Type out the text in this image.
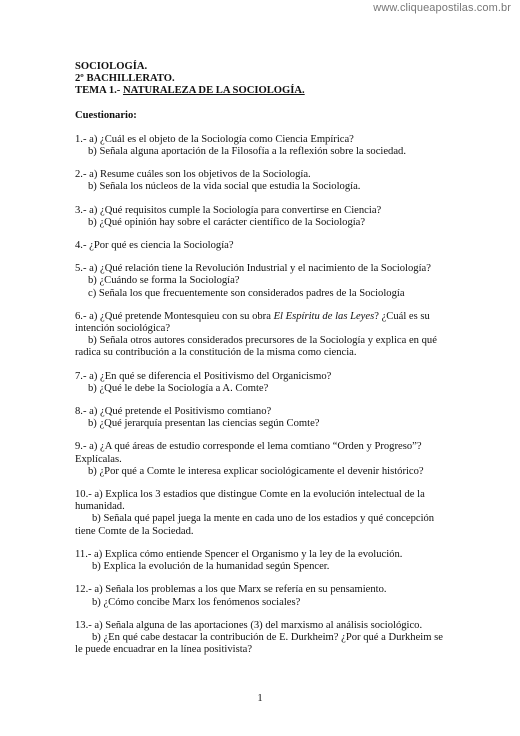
www.cliqueapostilas.com.br

SOCIOLOGÍA.

2º BACHILLERATO.

TEMA 1.- NATURALEZA DE LA SOCIOLOGÍA.

Cuestionario:

1.- a) ¿Cuál es el objeto de la Sociología como Ciencia Empírica?

b) Señala alguna aportación de la Filosofía a la reflexión sobre la sociedad.

2.- a) Resume cuáles son los objetivos de la Sociología.

b) Señala los núcleos de la vida social que estudia la Sociología.

3.- a) ¿Qué requisitos cumple la Sociología para convertirse en Ciencia?

b) ¿Qué opinión hay sobre el carácter científico de la Sociología?

4.- ¿Por qué es ciencia la Sociología?

5.- a) ¿Qué relación tiene la Revolución Industrial y el nacimiento de la Sociología?

b) ¿Cuándo se forma la Sociología?

c) Señala los que frecuentemente son considerados padres de la Sociología

6.- a) ¿Qué pretende Montesquieu con su obra El Espíritu de las Leyes? ¿Cuál es su

intención sociológica?

b) Señala otros autores considerados precursores de la Sociología y explica en qué

radica su contribución a la constitución de la misma como ciencia.

7.- a) ¿En qué se diferencia el Positivismo del Organicismo?

b) ¿Qué le debe la Sociología a A. Comte?

8.- a) ¿Qué pretende el Positivismo comtiano?

b) ¿Qué jerarquía presentan las ciencias según Comte?

9.- a) ¿A qué áreas de estudio corresponde el lema comtiano “Orden y Progreso”?

Explícalas.

b) ¿Por qué a Comte le interesa explicar sociológicamente el devenir histórico?

10.- a) Explica los 3 estadios que distingue Comte en la evolución intelectual de la

humanidad.

b) Señala qué papel juega la mente en cada uno de los estadios y qué concepción

tiene Comte de la Sociedad.

11.- a) Explica cómo entiende Spencer el Organismo y la ley de la evolución.

b) Explica la evolución de la humanidad según Spencer.

12.- a) Señala los problemas a los que Marx se refería en su pensamiento.

b) ¿Cómo concibe Marx los fenómenos sociales?

13.- a) Señala alguna de las aportaciones (3) del marxismo al análisis sociológico.

b) ¿En qué cabe destacar la contribución de E. Durkheim? ¿Por qué a Durkheim se

le puede encuadrar en la línea positivista?

1
